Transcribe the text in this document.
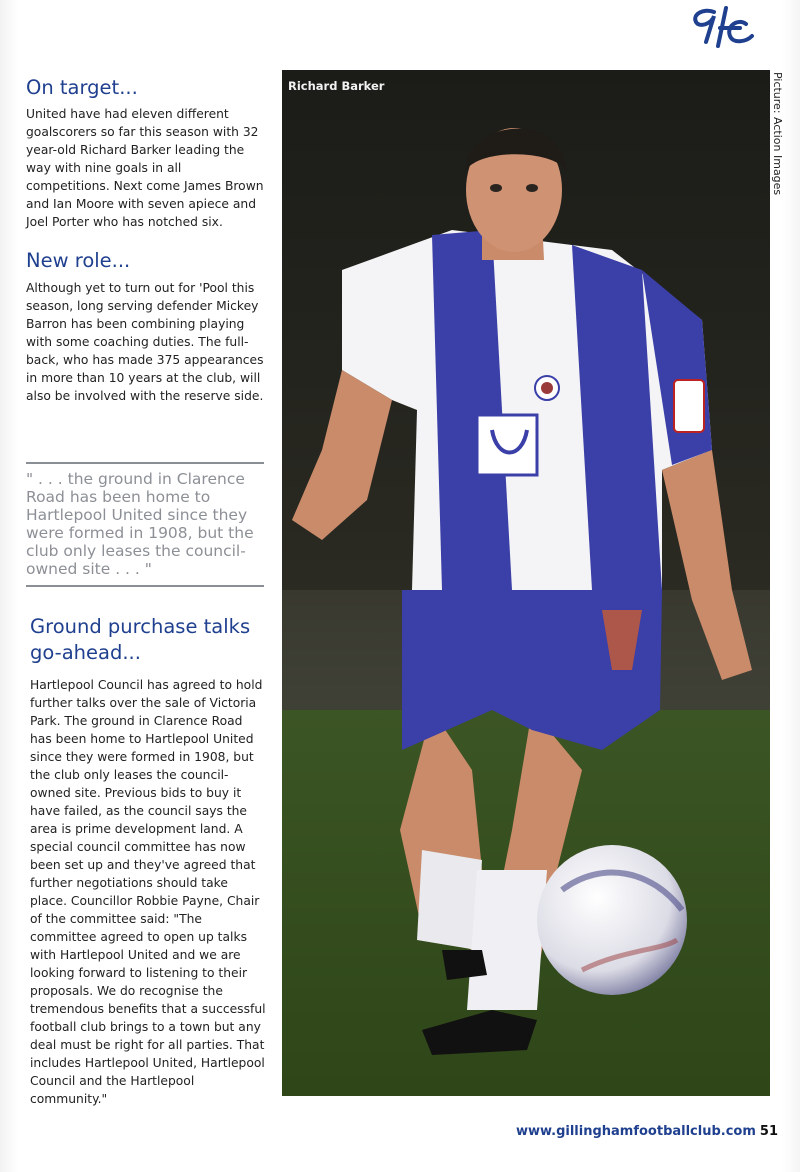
gfc
On target...

United have had eleven different goalscorers so far this season with 32 year-old Richard Barker leading the way with nine goals in all competitions. Next come James Brown and Ian Moore with seven apiece and Joel Porter who has notched six.

New role...

Although yet to turn out for 'Pool this season, long serving defender Mickey Barron has been combining playing with some coaching duties. The full-back, who has made 375 appearances in more than 10 years at the club, will also be involved with the reserve side.

" . . . the ground in Clarence Road has been home to Hartlepool United since they were formed in 1908, but the club only leases the council-owned site . . . "

Ground purchase talks go-ahead...

Hartlepool Council has agreed to hold further talks over the sale of Victoria Park. The ground in Clarence Road has been home to Hartlepool United since they were formed in 1908, but the club only leases the council-owned site. Previous bids to buy it have failed, as the council says the area is prime development land. A special council committee has now been set up and they've agreed that further negotiations should take place. Councillor Robbie Payne, Chair of the committee said: "The committee agreed to open up talks with Hartlepool United and we are looking forward to listening to their proposals. We do recognise the tremendous benefits that a successful football club brings to a town but any deal must be right for all parties. That includes Hartlepool United, Hartlepool Council and the Hartlepool community."

Richard Barker	Picture: Action Images
www.gillinghamfootballclub.com 51
